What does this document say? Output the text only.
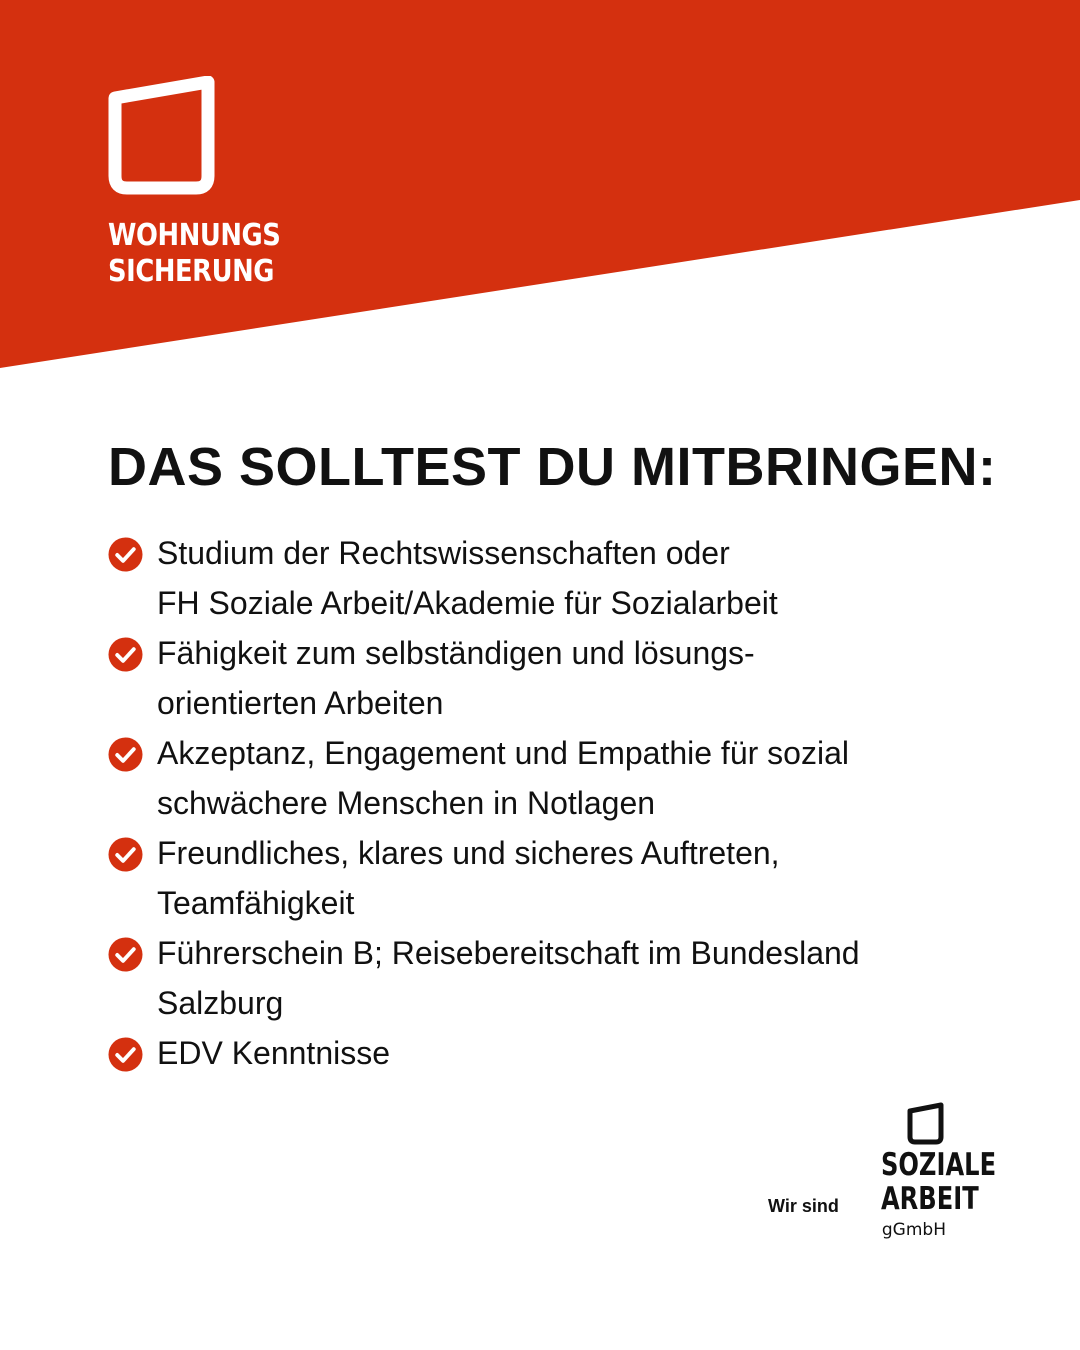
WOHNUNGS
SICHERUNG
DAS SOLLTEST DU MITBRINGEN:
Studium der Rechtswissenschaften oder
FH Soziale Arbeit/Akademie für Sozialarbeit
Fähigkeit zum selbständigen und lösungs-
orientierten Arbeiten
Akzeptanz, Engagement und Empathie für sozial
schwächere Menschen in Notlagen
Freundliches, klares und sicheres Auftreten,
Teamfähigkeit
Führerschein B; Reisebereitschaft im Bundesland
Salzburg
EDV Kenntnisse
Wir sind
SOZIALE
ARBEIT
gGmbH
